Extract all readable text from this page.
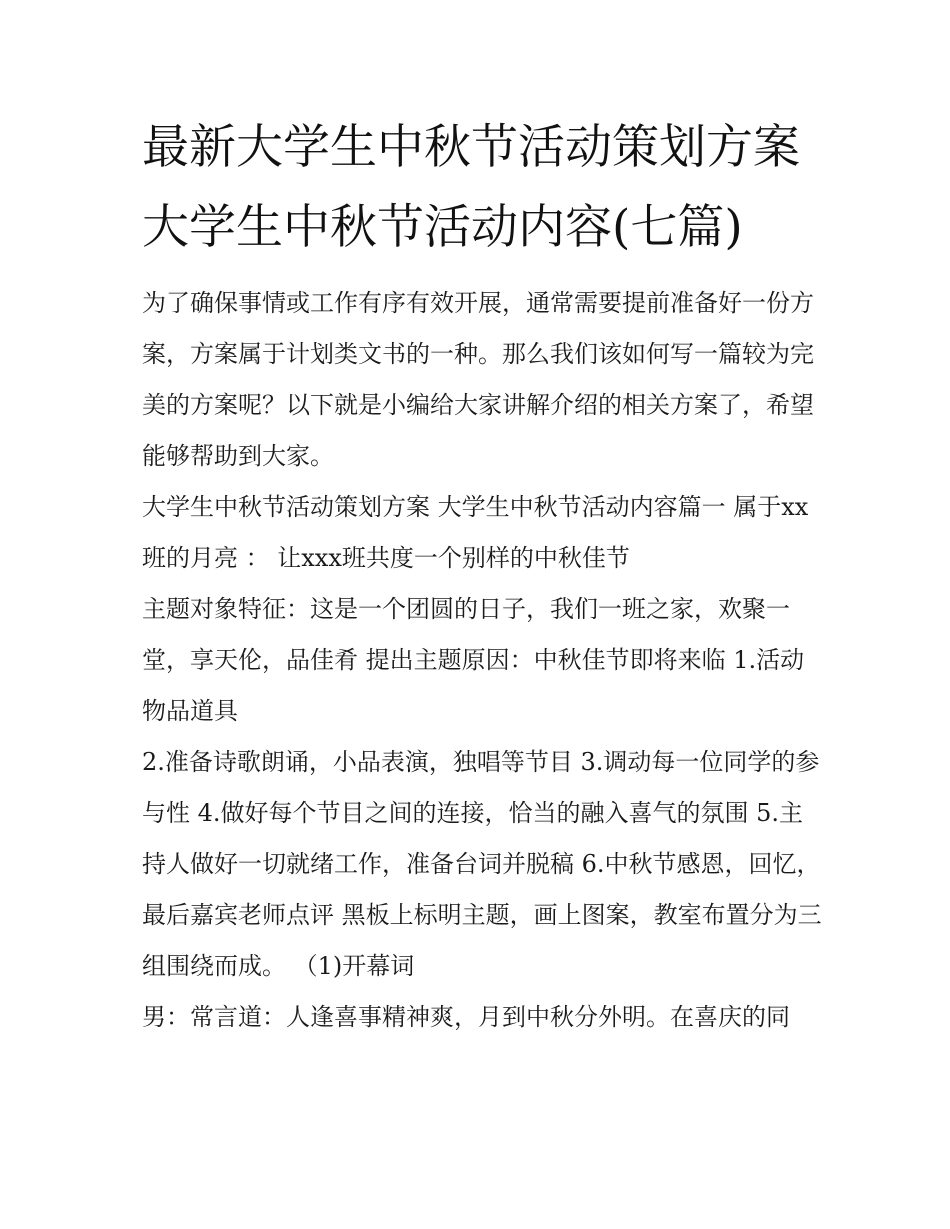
最新大学生中秋节活动策划方案 大学生中秋节活动内容(七篇)

为了确保事情或工作有序有效开展，通常需要提前准备好一份方案，方案属于计划类文书的一种。那么我们该如何写一篇较为完美的方案呢？以下就是小编给大家讲解介绍的相关方案了，希望能够帮助到大家。

大学生中秋节活动策划方案 大学生中秋节活动内容篇一 属于xx班的月亮 ： 让xxx班共度一个别样的中秋佳节

主题对象特征：这是一个团圆的日子，我们一班之家，欢聚一堂，享天伦，品佳肴 提出主题原因：中秋佳节即将来临 1.活动物品道具

2.准备诗歌朗诵，小品表演，独唱等节目 3.调动每一位同学的参与性 4.做好每个节目之间的连接，恰当的融入喜气的氛围 5.主持人做好一切就绪工作，准备台词并脱稿 6.中秋节感恩，回忆，最后嘉宾老师点评 黑板上标明主题，画上图案，教室布置分为三组围绕而成。 （1)开幕词

男：常言道：人逢喜事精神爽，月到中秋分外明。在喜庆的同
